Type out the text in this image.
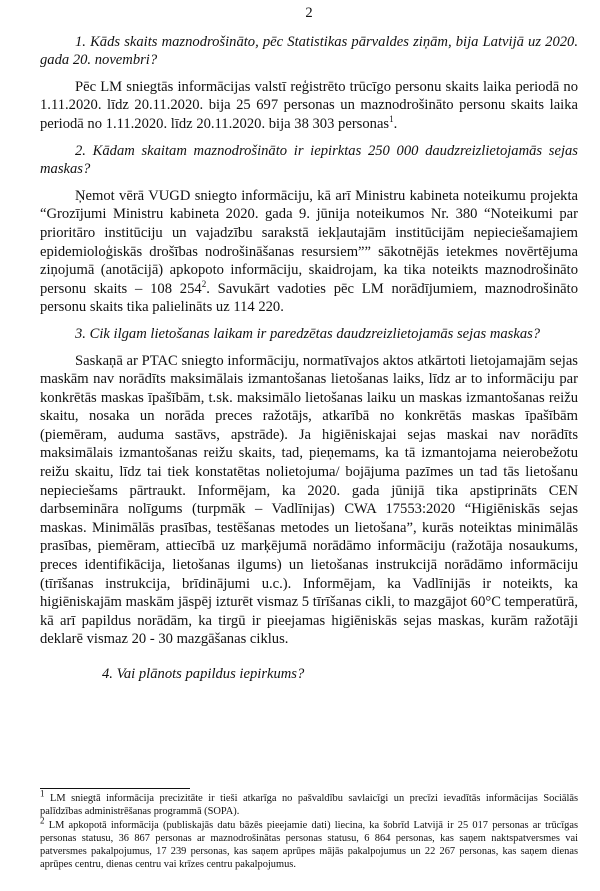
2

1. Kāds skaits maznodrošināto, pēc Statistikas pārvaldes ziņām, bija Latvijā uz 2020. gada 20. novembri?

Pēc LM sniegtās informācijas valstī reģistrēto trūcīgo personu skaits laika periodā no 1.11.2020. līdz 20.11.2020. bija 25 697 personas un maznodrošināto personu skaits laika periodā no 1.11.2020. līdz 20.11.2020. bija 38 303 personas$^1$.

2. Kādam skaitam maznodrošināto ir iepirktas 250 000 daudzreizlietojamās sejas maskas?

Ņemot vērā VUGD sniegto informāciju, kā arī Ministru kabineta noteikumu projekta “Grozījumi Ministru kabineta 2020. gada 9. jūnija noteikumos Nr. 380 “Noteikumi par prioritāro institūciju un vajadzību sarakstā iekļautajām institūcijām nepieciešamajiem epidemioloģiskās drošības nodrošināšanas resursiem”” sākotnējās ietekmes novērtējuma ziņojumā (anotācijā) apkopoto informāciju, skaidrojam, ka tika noteikts maznodrošināto personu skaits – 108 $254^2$. Savukārt vadoties pēc LM norādījumiem, maznodrošināto personu skaits tika palielināts uz 114 220.

3. Cik ilgam lietošanas laikam ir paredzētas daudzreizlietojamās sejas maskas?

Saskaņā ar PTAC sniegto informāciju, normatīvajos aktos atkārtoti lietojamajām sejas maskām nav norādīts maksimālais izmantošanas lietošanas laiks, līdz ar to informāciju par konkrētās maskas īpašībām, t.sk. maksimālo lietošanas laiku un maskas izmantošanas reižu skaitu, nosaka un norāda preces ražotājs, atkarībā no konkrētās maskas īpašībām (piemēram, auduma sastāvs, apstrāde). Ja higiēniskajai sejas maskai nav norādīts maksimālais izmantošanas reižu skaits, tad, pieņemams, ka tā izmantojama neierobežotu reižu skaitu, līdz tai tiek konstatētas nolietojuma/ bojājuma pazīmes un tad tās lietošanu nepieciešams pārtraukt. Informējam, ka 2020. gada jūnijā tika apstiprināts CEN darbsemināra nolīgums (turpmāk – Vadlīnijas) CWA 17553:2020 “Higiēniskās sejas maskas. Minimālās prasības, testēšanas metodes un lietošana”, kurās noteiktas minimālās prasības, piemēram, attiecībā uz marķējumā norādāmo informāciju (ražotāja nosaukums, preces identifikācija, lietošanas ilgums) un lietošanas instrukcijā norādāmo informāciju (tīrīšanas instrukcija, brīdinājumi u.c.). Informējam, ka Vadlīnijās ir noteikts, ka higiēniskajām maskām jāspēj izturēt vismaz 5 tīrīšanas cikli, to mazgājot 60°C temperatūrā, kā arī papildus norādām, ka tirgū ir pieejamas higiēniskās sejas maskas, kurām ražotāji deklarē vismaz 20 - 30 mazgāšanas ciklus.

4. Vai plānots papildus iepirkums?

$^1$ LM sniegtā informācija precizitāte ir tieši atkarīga no pašvaldību savlaicīgi un precīzi ievadītās informācijas Sociālās palīdzības administrēšanas programmā (SOPA).

$^2$ LM apkopotā informācija (publiskajās datu bāzēs pieejamie dati) liecina, ka šobrīd Latvijā ir 25 017 personas ar trūcīgas personas statusu, 36 867 personas ar maznodrošinātas personas statusu, 6 864 personas, kas saņem naktspatversmes vai patversmes pakalpojumus, 17 239 personas, kas saņem aprūpes mājās pakalpojumus un 22 267 personas, kas saņem dienas aprūpes centru, dienas centru vai krīzes centru pakalpojumus.
